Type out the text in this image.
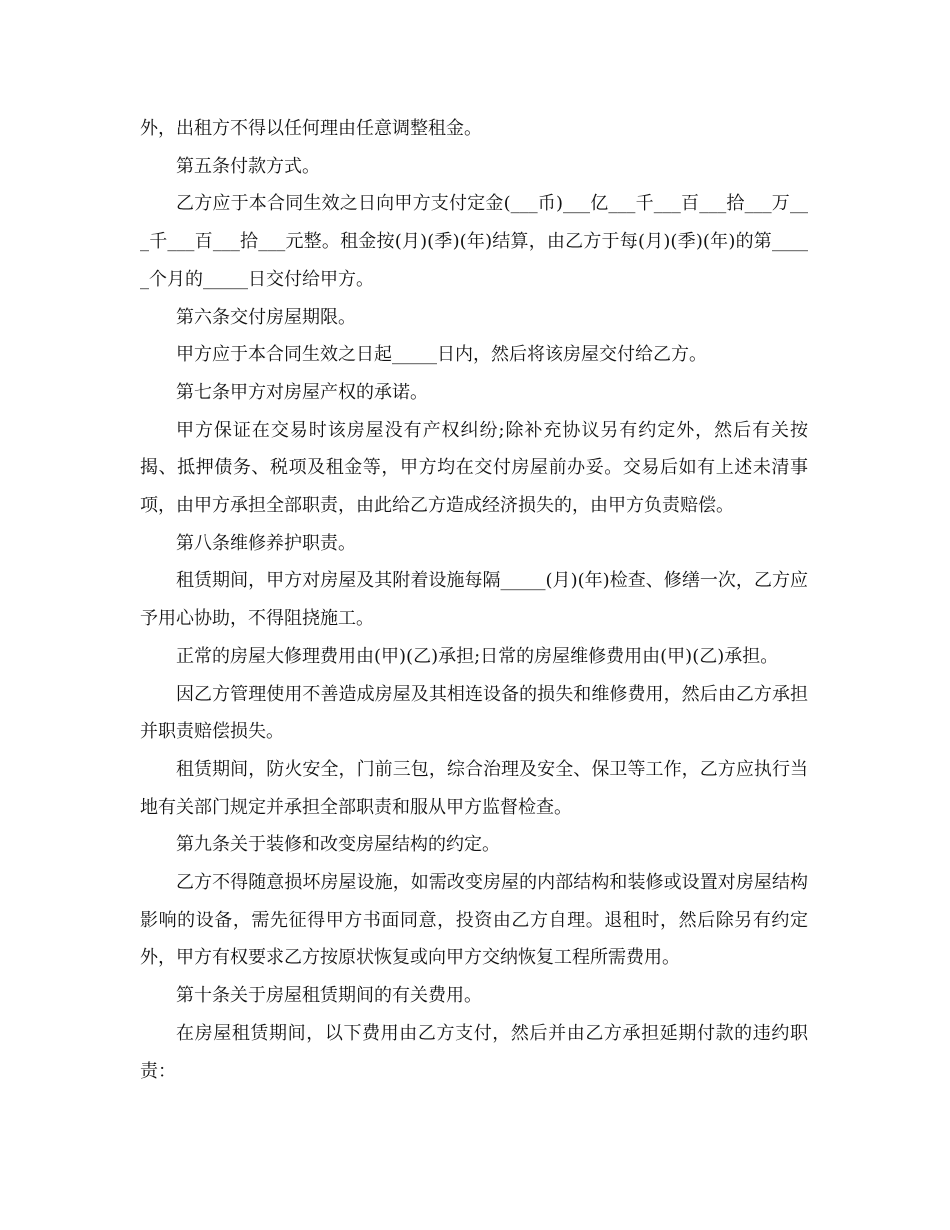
外，出租方不得以任何理由任意调整租金。

第五条付款方式。

乙方应于本合同生效之日向甲方支付定金(___币)___亿___千___百___拾___万___千___百___拾___元整。租金按(月)(季)(年)结算，由乙方于每(月)(季)(年)的第_____个月的_____日交付给甲方。

第六条交付房屋期限。

甲方应于本合同生效之日起_____日内，然后将该房屋交付给乙方。

第七条甲方对房屋产权的承诺。

甲方保证在交易时该房屋没有产权纠纷;除补充协议另有约定外，然后有关按揭、抵押债务、税项及租金等，甲方均在交付房屋前办妥。交易后如有上述未清事项，由甲方承担全部职责，由此给乙方造成经济损失的，由甲方负责赔偿。

第八条维修养护职责。

租赁期间，甲方对房屋及其附着设施每隔_____(月)(年)检查、修缮一次，乙方应予用心协助，不得阻挠施工。

正常的房屋大修理费用由(甲)(乙)承担;日常的房屋维修费用由(甲)(乙)承担。

因乙方管理使用不善造成房屋及其相连设备的损失和维修费用，然后由乙方承担并职责赔偿损失。

租赁期间，防火安全，门前三包，综合治理及安全、保卫等工作，乙方应执行当地有关部门规定并承担全部职责和服从甲方监督检查。

第九条关于装修和改变房屋结构的约定。

乙方不得随意损坏房屋设施，如需改变房屋的内部结构和装修或设置对房屋结构影响的设备，需先征得甲方书面同意，投资由乙方自理。退租时，然后除另有约定外，甲方有权要求乙方按原状恢复或向甲方交纳恢复工程所需费用。

第十条关于房屋租赁期间的有关费用。

在房屋租赁期间，以下费用由乙方支付，然后并由乙方承担延期付款的违约职责：
